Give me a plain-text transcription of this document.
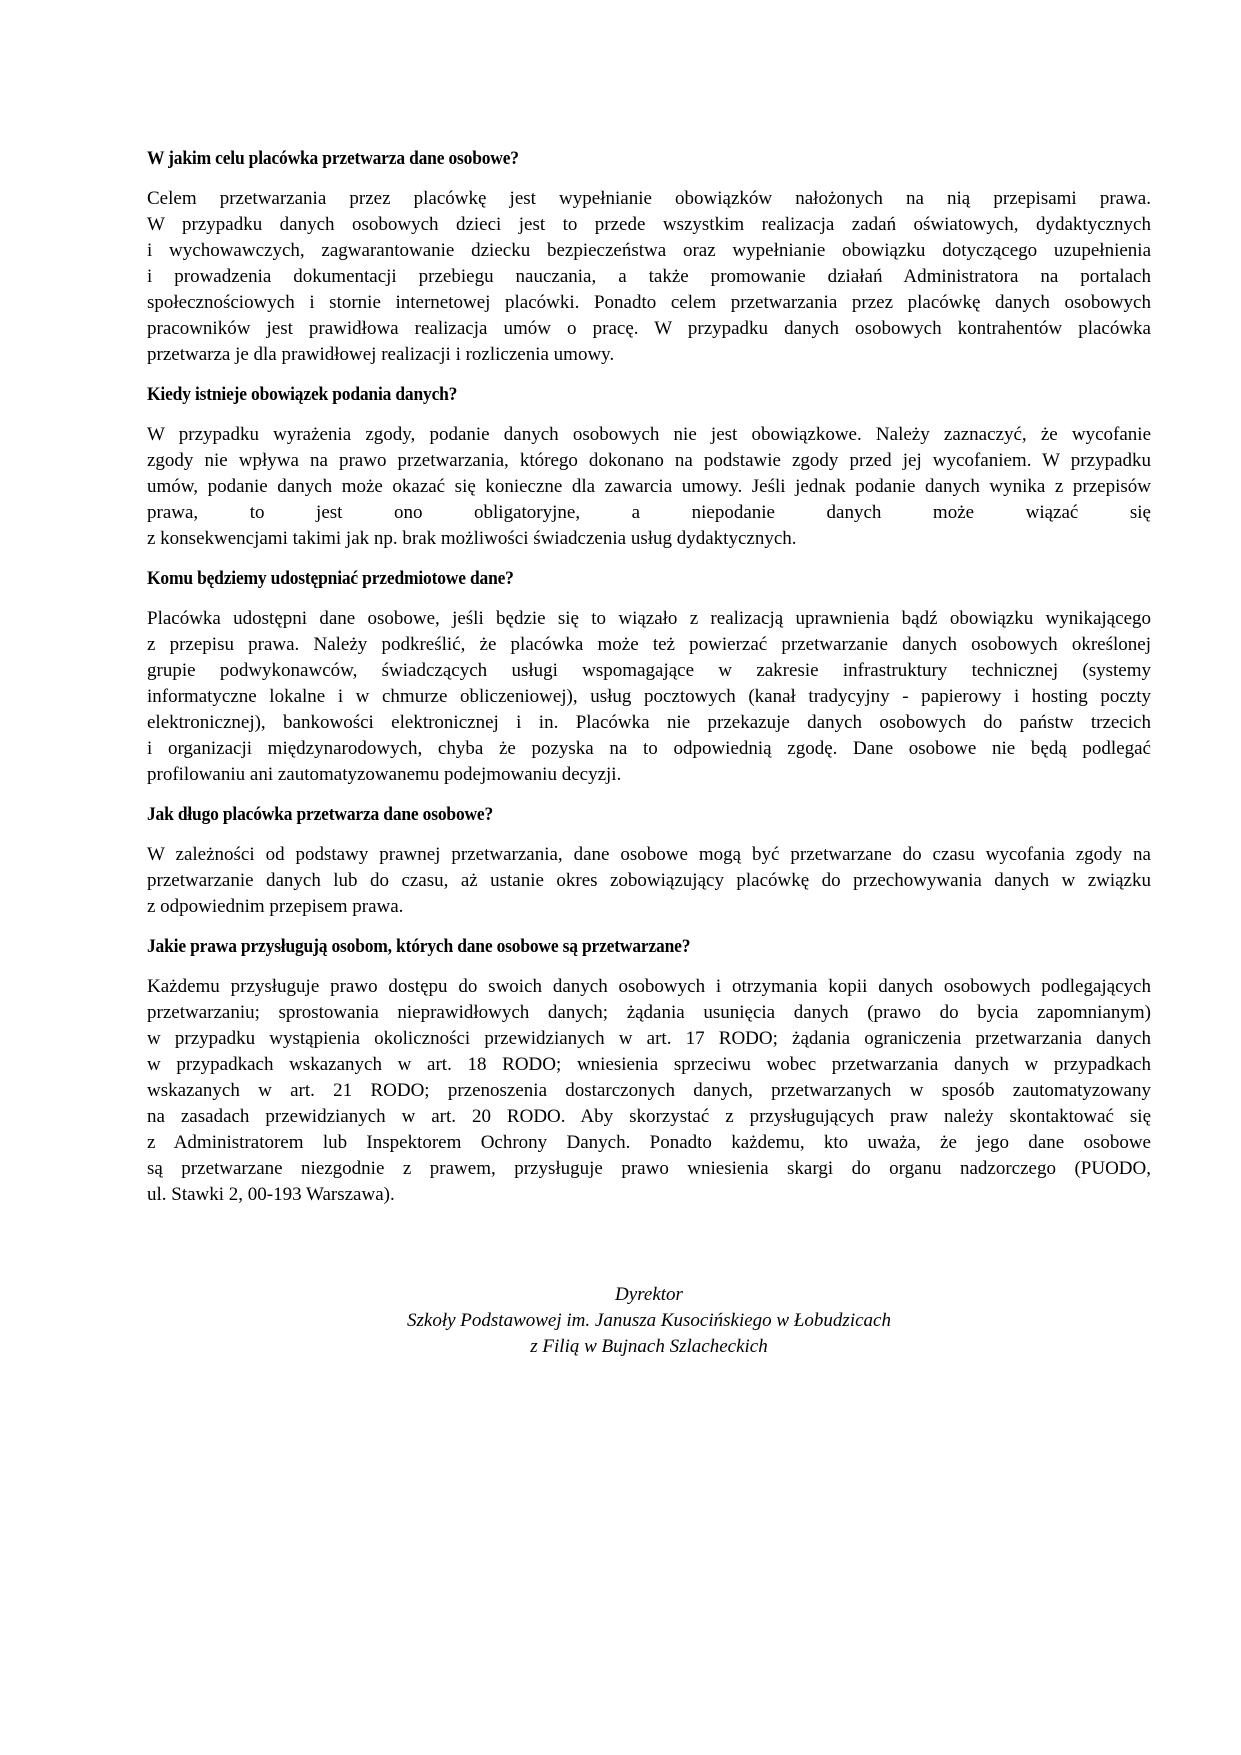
W jakim celu placówka przetwarza dane osobowe?
Celem przetwarzania przez placówkę jest wypełnianie obowiązków nałożonych na nią przepisami prawa.
W przypadku danych osobowych dzieci jest to przede wszystkim realizacja zadań oświatowych, dydaktycznych
i wychowawczych, zagwarantowanie dziecku bezpieczeństwa oraz wypełnianie obowiązku dotyczącego uzupełnienia
i prowadzenia dokumentacji przebiegu nauczania, a także promowanie działań Administratora na portalach
społecznościowych i stornie internetowej placówki. Ponadto celem przetwarzania przez placówkę danych osobowych
pracowników jest prawidłowa realizacja umów o pracę. W przypadku danych osobowych kontrahentów placówka
przetwarza je dla prawidłowej realizacji i rozliczenia umowy.
Kiedy istnieje obowiązek podania danych?
W przypadku wyrażenia zgody, podanie danych osobowych nie jest obowiązkowe. Należy zaznaczyć, że wycofanie
zgody nie wpływa na prawo przetwarzania, którego dokonano na podstawie zgody przed jej wycofaniem. W przypadku
umów, podanie danych może okazać się konieczne dla zawarcia umowy. Jeśli jednak podanie danych wynika z przepisów
prawa, to jest ono obligatoryjne, a niepodanie danych może wiązać się
z konsekwencjami takimi jak np. brak możliwości świadczenia usług dydaktycznych.
Komu będziemy udostępniać przedmiotowe dane?
Placówka udostępni dane osobowe, jeśli będzie się to wiązało z realizacją uprawnienia bądź obowiązku wynikającego
z przepisu prawa. Należy podkreślić, że placówka może też powierzać przetwarzanie danych osobowych określonej
grupie podwykonawców, świadczących usługi wspomagające w zakresie infrastruktury technicznej (systemy
informatyczne lokalne i w chmurze obliczeniowej), usług pocztowych (kanał tradycyjny - papierowy i hosting poczty
elektronicznej), bankowości elektronicznej i in. Placówka nie przekazuje danych osobowych do państw trzecich
i organizacji międzynarodowych, chyba że pozyska na to odpowiednią zgodę. Dane osobowe nie będą podlegać
profilowaniu ani zautomatyzowanemu podejmowaniu decyzji.
Jak długo placówka przetwarza dane osobowe?
W zależności od podstawy prawnej przetwarzania, dane osobowe mogą być przetwarzane do czasu wycofania zgody na
przetwarzanie danych lub do czasu, aż ustanie okres zobowiązujący placówkę do przechowywania danych w związku
z odpowiednim przepisem prawa.
Jakie prawa przysługują osobom, których dane osobowe są przetwarzane?
Każdemu przysługuje prawo dostępu do swoich danych osobowych i otrzymania kopii danych osobowych podlegających
przetwarzaniu; sprostowania nieprawidłowych danych; żądania usunięcia danych (prawo do bycia zapomnianym)
w przypadku wystąpienia okoliczności przewidzianych w art. 17 RODO; żądania ograniczenia przetwarzania danych
w przypadkach wskazanych w art. 18 RODO; wniesienia sprzeciwu wobec przetwarzania danych w przypadkach
wskazanych w art. 21 RODO; przenoszenia dostarczonych danych, przetwarzanych w sposób zautomatyzowany
na zasadach przewidzianych w art. 20 RODO. Aby skorzystać z przysługujących praw należy skontaktować się
z Administratorem lub Inspektorem Ochrony Danych. Ponadto każdemu, kto uważa, że jego dane osobowe
są przetwarzane niezgodnie z prawem, przysługuje prawo wniesienia skargi do organu nadzorczego (PUODO,
ul. Stawki 2, 00-193 Warszawa).
Dyrektor
Szkoły Podstawowej im. Janusza Kusocińskiego w Łobudzicach
z Filią w Bujnach Szlacheckich
